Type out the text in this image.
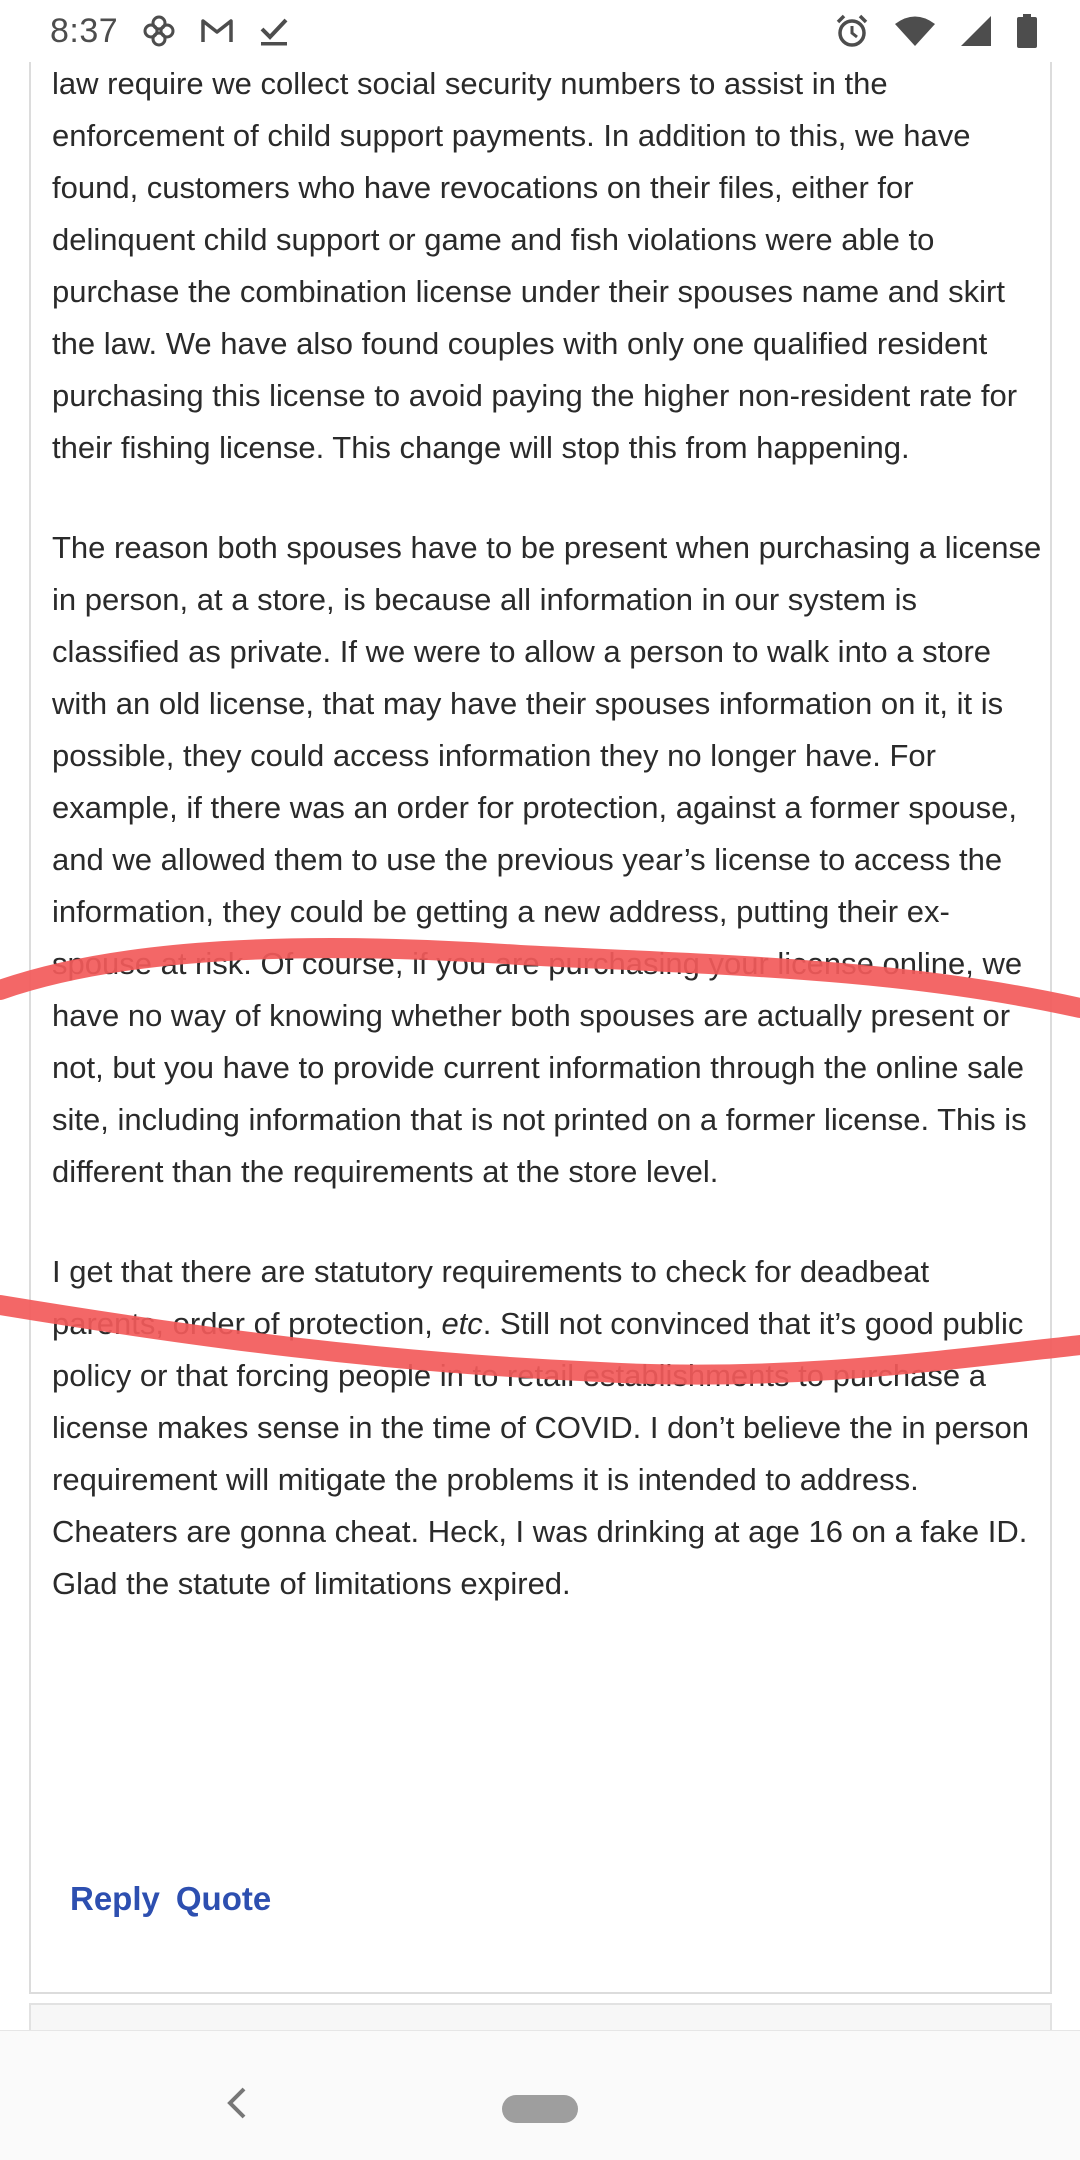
8:37

law require we collect social security numbers to assist in the enforcement of child support payments. In addition to this, we have found, customers who have revocations on their files, either for delinquent child support or game and fish violations were able to purchase the combination license under their spouses name and skirt the law. We have also found couples with only one qualified resident purchasing this license to avoid paying the higher non-resident rate for their fishing license. This change will stop this from happening.

The reason both spouses have to be present when purchasing a license in person, at a store, is because all information in our system is classified as private. If we were to allow a person to walk into a store with an old license, that may have their spouses information on it, it is possible, they could access information they no longer have. For example, if there was an order for protection, against a former spouse, and we allowed them to use the previous year’s license to access the information, they could be getting a new address, putting their ex-spouse at risk. Of course, if you are purchasing your license online, we have no way of knowing whether both spouses are actually present or not, but you have to provide current information through the online sale site, including information that is not printed on a former license. This is different than the requirements at the store level.

I get that there are statutory requirements to check for deadbeat parents, order of protection, etc. Still not convinced that it’s good public policy or that forcing people in to retail establishments to purchase a license makes sense in the time of COVID. I don’t believe the in person requirement will mitigate the problems it is intended to address. Cheaters are gonna cheat. Heck, I was drinking at age 16 on a fake ID. Glad the statute of limitations expired.

Reply Quote
